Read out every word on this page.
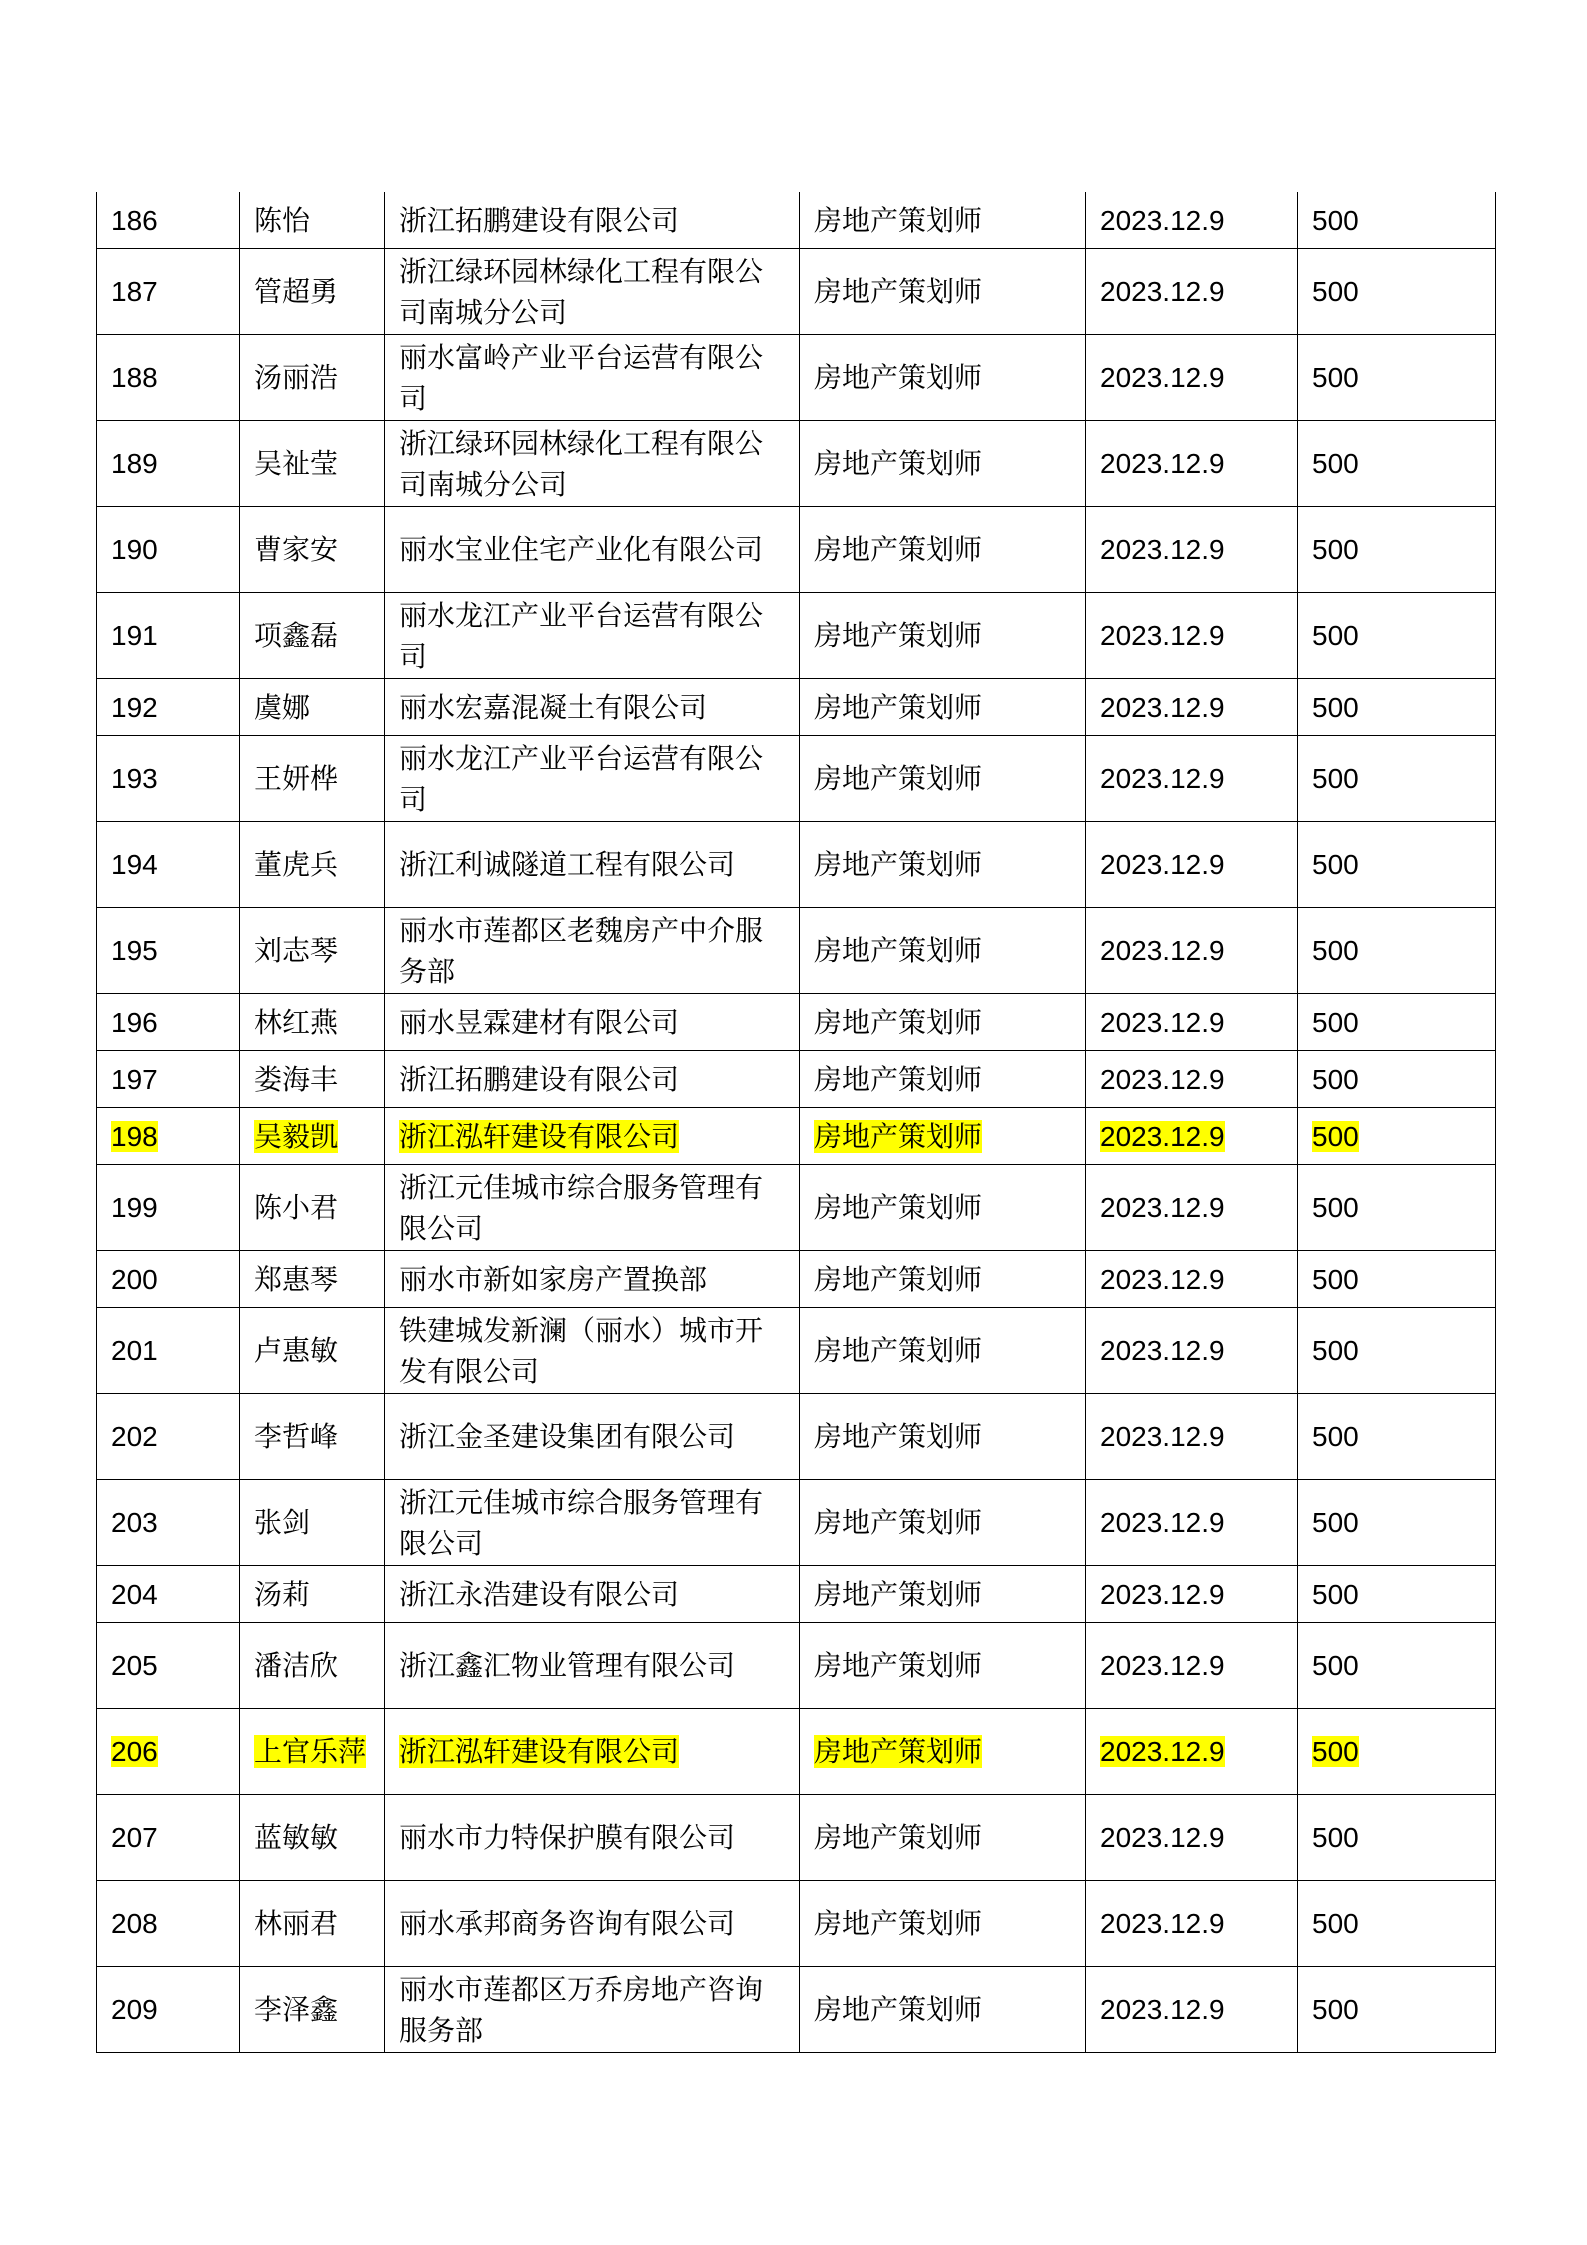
186	陈怡	浙江拓鹏建设有限公司	房地产策划师	2023.12.9	500
187	管超勇	浙江绿环园林绿化工程有限公司南城分公司	房地产策划师	2023.12.9	500
188	汤丽浩	丽水富岭产业平台运营有限公司	房地产策划师	2023.12.9	500
189	吴祉莹	浙江绿环园林绿化工程有限公司南城分公司	房地产策划师	2023.12.9	500
190	曹家安	丽水宝业住宅产业化有限公司	房地产策划师	2023.12.9	500
191	项鑫磊	丽水龙江产业平台运营有限公司	房地产策划师	2023.12.9	500
192	虞娜	丽水宏嘉混凝土有限公司	房地产策划师	2023.12.9	500
193	王妍桦	丽水龙江产业平台运营有限公司	房地产策划师	2023.12.9	500
194	董虎兵	浙江利诚隧道工程有限公司	房地产策划师	2023.12.9	500
195	刘志琴	丽水市莲都区老魏房产中介服务部	房地产策划师	2023.12.9	500
196	林红燕	丽水昱霖建材有限公司	房地产策划师	2023.12.9	500
197	娄海丰	浙江拓鹏建设有限公司	房地产策划师	2023.12.9	500
198	吴毅凯	浙江泓轩建设有限公司	房地产策划师	2023.12.9	500
199	陈小君	浙江元佳城市综合服务管理有限公司	房地产策划师	2023.12.9	500
200	郑惠琴	丽水市新如家房产置换部	房地产策划师	2023.12.9	500
201	卢惠敏	铁建城发新澜（丽水）城市开发有限公司	房地产策划师	2023.12.9	500
202	李哲峰	浙江金圣建设集团有限公司	房地产策划师	2023.12.9	500
203	张剑	浙江元佳城市综合服务管理有限公司	房地产策划师	2023.12.9	500
204	汤莉	浙江永浩建设有限公司	房地产策划师	2023.12.9	500
205	潘洁欣	浙江鑫汇物业管理有限公司	房地产策划师	2023.12.9	500
206	上官乐萍	浙江泓轩建设有限公司	房地产策划师	2023.12.9	500
207	蓝敏敏	丽水市力特保护膜有限公司	房地产策划师	2023.12.9	500
208	林丽君	丽水承邦商务咨询有限公司	房地产策划师	2023.12.9	500
209	李泽鑫	丽水市莲都区万乔房地产咨询服务部	房地产策划师	2023.12.9	500
